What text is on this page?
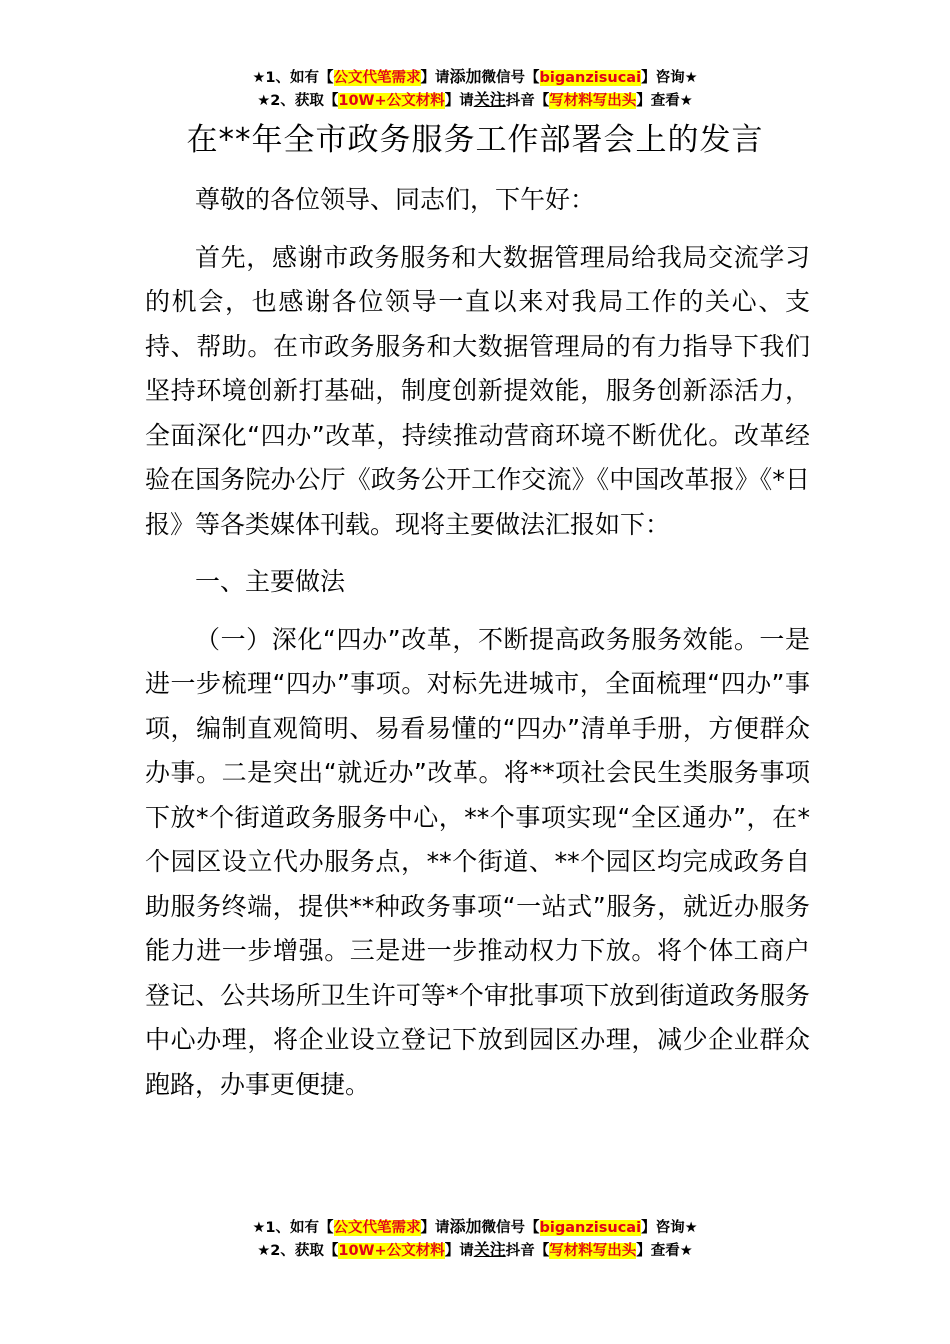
★1、如有【公文代笔需求】请添加微信号【biganzisucai】咨询★
★2、获取【10W+公文材料】请关注抖音【写材料写出头】查看★
在**年全市政务服务工作部署会上的发言

尊敬的各位领导、同志们，下午好：

首先，感谢市政务服务和大数据管理局给我局交流学习的机会，也感谢各位领导一直以来对我局工作的关心、支持、帮助。在市政务服务和大数据管理局的有力指导下我们坚持环境创新打基础，制度创新提效能，服务创新添活力，全面深化“四办”改革，持续推动营商环境不断优化。改革经验在国务院办公厅《政务公开工作交流》《中国改革报》《*日报》等各类媒体刊载。现将主要做法汇报如下：

一、主要做法

（一）深化“四办”改革，不断提高政务服务效能。一是进一步梳理“四办”事项。对标先进城市，全面梳理“四办”事项，编制直观简明、易看易懂的“四办”清单手册，方便群众办事。二是突出“就近办”改革。将**项社会民生类服务事项下放*个街道政务服务中心，**个事项实现“全区通办”，在*个园区设立代办服务点，**个街道、**个园区均完成政务自助服务终端，提供**种政务事项“一站式”服务，就近办服务能力进一步增强。三是进一步推动权力下放。将个体工商户登记、公共场所卫生许可等*个审批事项下放到街道政务服务中心办理，将企业设立登记下放到园区办理，减少企业群众跑路，办事更便捷。

★1、如有【公文代笔需求】请添加微信号【biganzisucai】咨询★
★2、获取【10W+公文材料】请关注抖音【写材料写出头】查看★
